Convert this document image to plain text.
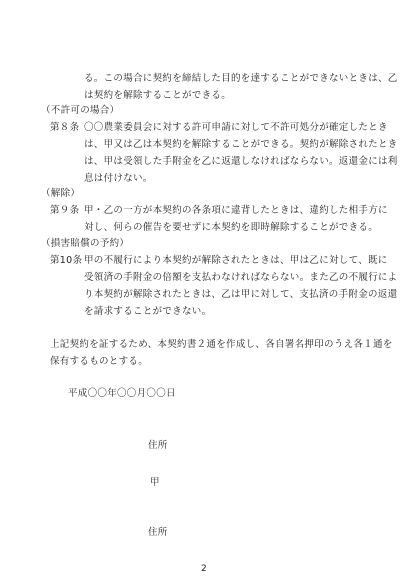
る。この場合に契約を締結した目的を達することができないときは、乙
は契約を解除することができる。
（不許可の場合）
第８条 〇〇農業委員会に対する許可申請に対して不許可処分が確定したとき
は、甲又は乙は本契約を解除することができる。契約が解除されたとき
は、甲は受領した手附金を乙に返還しなければならない。返還金には利
息は付けない。
（解除）
第９条 甲・乙の一方が本契約の各条項に違背したときは、違約した相手方に
対し、何らの催告を要せずに本契約を即時解除することができる。
（損害賠償の予約）
第10条 甲の不履行により本契約が解除されたときは、甲は乙に対して、既に
受領済の手附金の倍額を支払わなければならない。また乙の不履行によ
り本契約が解除されたときは、乙は甲に対して、支払済の手附金の返還
を請求することができない。
上記契約を証するため、本契約書２通を作成し、各自署名押印のうえ各１通を
保有するものとする。
平成〇〇年〇〇月〇〇日
住所
甲
住所
2
